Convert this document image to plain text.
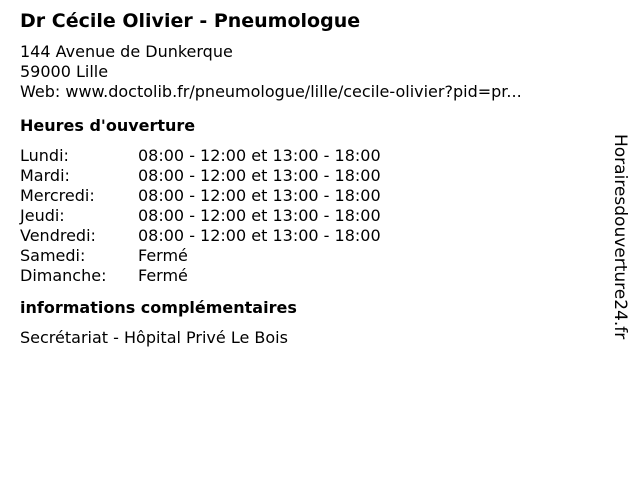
Dr Cécile Olivier - Pneumologue
144 Avenue de Dunkerque
59000 Lille
Web: www.doctolib.fr/pneumologue/lille/cecile-olivier?pid=pr...
Heures d'ouverture
Lundi:	08:00 - 12:00 et 13:00 - 18:00
Mardi:	08:00 - 12:00 et 13:00 - 18:00
Mercredi:	08:00 - 12:00 et 13:00 - 18:00
Jeudi:	08:00 - 12:00 et 13:00 - 18:00
Vendredi:	08:00 - 12:00 et 13:00 - 18:00
Samedi:	Fermé
Dimanche:	Fermé
informations complémentaires
Secrétariat - Hôpital Privé Le Bois	Horairesdouverture24.fr
